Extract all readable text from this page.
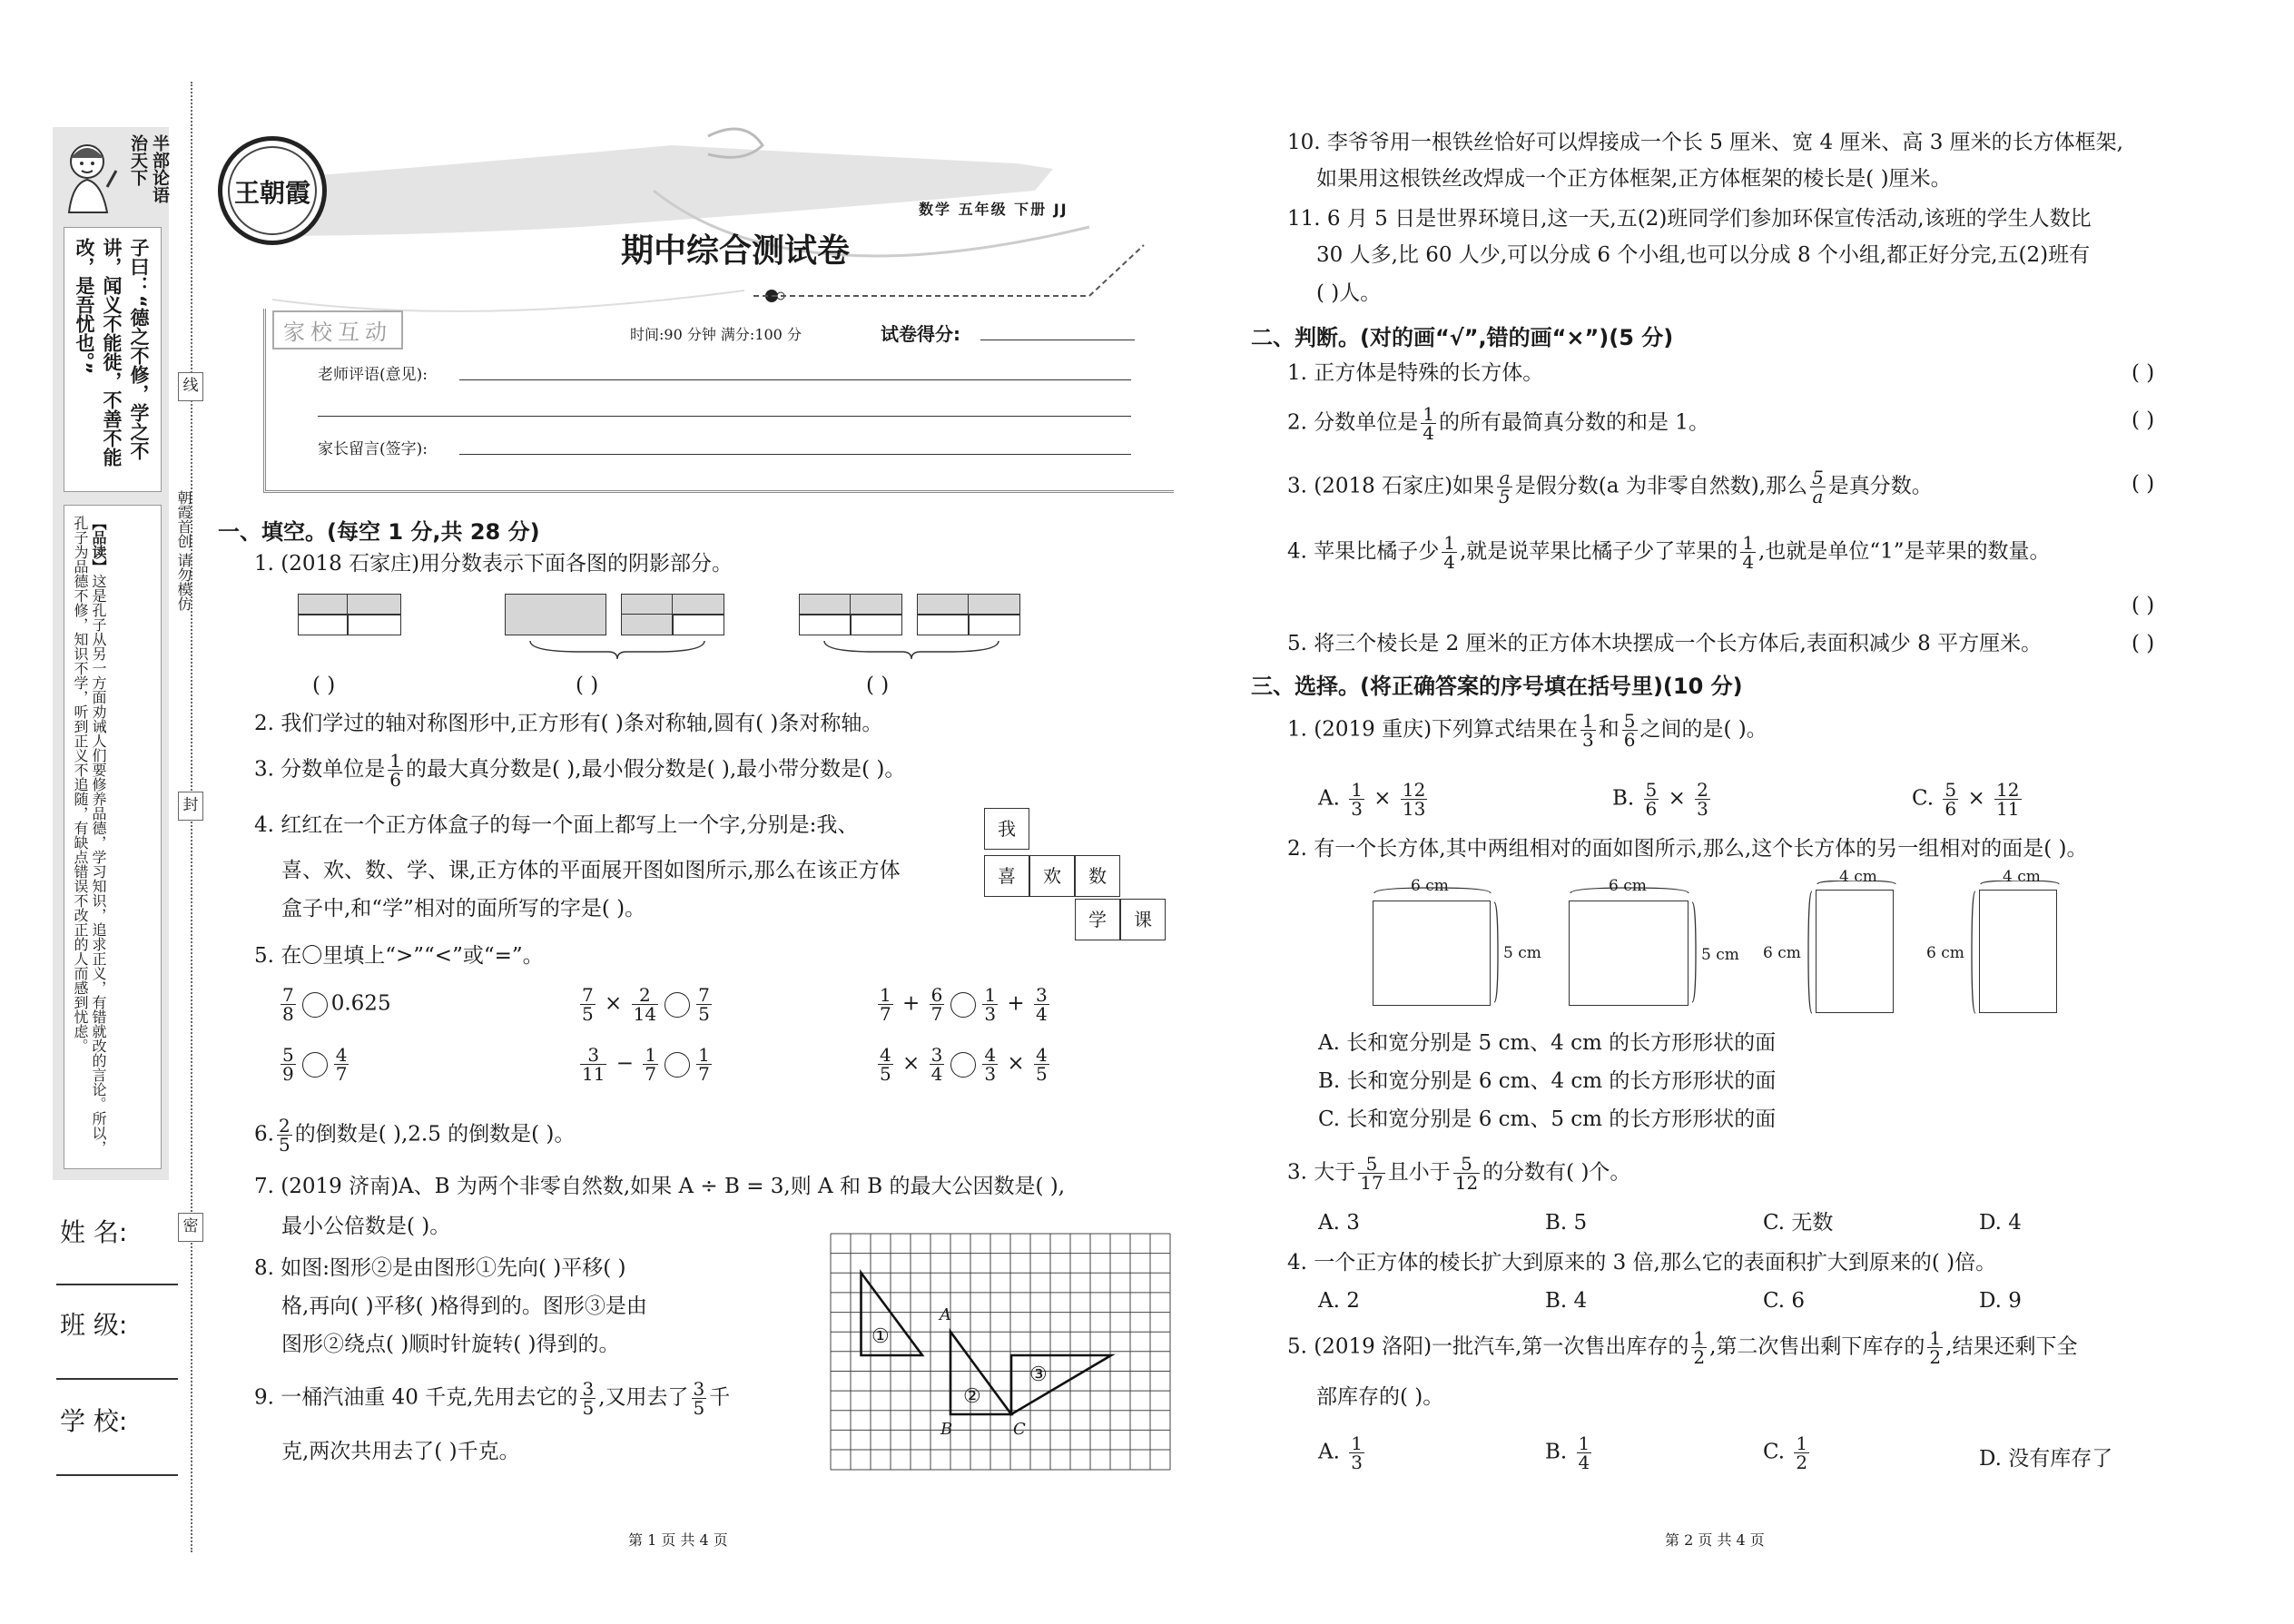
半部论语治天下
子曰：“德之不修，学之不讲，闻义不能徙，不善不能改，是吾忧也。”
【品读】这是孔子从另一方面劝诫人们要修养品德，学习知识，追求正义，有错就改的言论。所以，孔子为品德不修，知识不学，听到正义不追随，有缺点错误不改正的人而感到忧虑。	朝霞首创 请勿模仿
线
封
密
姓 名:
班 级:
学 校:
王朝霞
数学 五年级 下册 JJ
期中综合测试卷
家校互动	时间:90 分钟 满分:100 分	试卷得分:
老师评语(意见):
家长留言(签字):
一、填空。(每空 1 分,共 28 分)
1. (2018 石家庄)用分数表示下面各图的阴影部分。
( )	( )	( )
2. 我们学过的轴对称图形中,正方形有( )条对称轴,圆有( )条对称轴。
3. 分数单位是 $\frac{1}{6}$ 的最大真分数是( ),最小假分数是( ),最小带分数是( )。
4. 红红在一个正方体盒子的每一个面上都写上一个字,分别是:我、
喜、欢、数、学、课,正方体的平面展开图如图所示,那么在该正方体
盒子中,和“学”相对的面所写的字是( )。
我
喜	欢	数
学	课
5. 在〇里填上“>”“<”或“=”。
$\frac{7}{8} 0.625$	$\frac{7}{5} \times \frac{2}{14} \frac{7}{5}$	$\frac{1}{7} + \frac{6}{7} \frac{1}{3} + \frac{3}{4}$
$\frac{5}{9} \frac{4}{7}$	$\frac{3}{11} - \frac{1}{7} \frac{1}{7}$	$\frac{4}{5} \times \frac{3}{4} \frac{4}{3} \times \frac{4}{5}$
6. $\frac{2}{5}$ 的倒数是( ),2.5 的倒数是( )。
7. (2019 济南)A、B 为两个非零自然数,如果 A ÷ B = 3,则 A 和 B 的最大公因数是( ),
最小公倍数是( )。
8. 如图:图形②是由图形①先向( )平移( )
格,再向( )平移( )格得到的。图形③是由
图形②绕点( )顺时针旋转( )得到的。
9. 一桶汽油重 40 千克,先用去它的 $\frac{3}{5}$ ,又用去了 $\frac{3}{5}$ 千
克,两次共用去了( )千克。
①
②
③
A
B	C
第 1 页 共 4 页
10. 李爷爷用一根铁丝恰好可以焊接成一个长 5 厘米、宽 4 厘米、高 3 厘米的长方体框架,
如果用这根铁丝改焊成一个正方体框架,正方体框架的棱长是( )厘米。
11. 6 月 5 日是世界环境日,这一天,五(2)班同学们参加环保宣传活动,该班的学生人数比
30 人多,比 60 人少,可以分成 6 个小组,也可以分成 8 个小组,都正好分完,五(2)班有
( )人。
二、判断。(对的画“√”,错的画“×”)(5 分)
1. 正方体是特殊的长方体。	( )
2. 分数单位是 $\frac{1}{4}$ 的所有最简真分数的和是 1。	( )
3. (2018 石家庄)如果 $\frac{a}{5}$ 是假分数(a 为非零自然数),那么 $\frac{5}{a}$ 是真分数。	( )
4. 苹果比橘子少 $\frac{1}{4}$ ,就是说苹果比橘子少了苹果的 $\frac{1}{4}$ ,也就是单位“1”是苹果的数量。
( )
5. 将三个棱长是 2 厘米的正方体木块摆成一个长方体后,表面积减少 8 平方厘米。	( )
三、选择。(将正确答案的序号填在括号里)(10 分)
1. (2019 重庆)下列算式结果在 $\frac{1}{3}$ 和 $\frac{5}{6}$ 之间的是( )。
A. $\frac{1}{3} \times \frac{12}{13}$	B. $\frac{5}{6} \times \frac{2}{3}$	C. $\frac{5}{6} \times \frac{12}{11}$
2. 有一个长方体,其中两组相对的面如图所示,那么,这个长方体的另一组相对的面是( )。
6 cm
5 cm
6 cm
5 cm
4 cm
6 cm
4 cm
6 cm
A. 长和宽分别是 5 cm、4 cm 的长方形形状的面
B. 长和宽分别是 6 cm、4 cm 的长方形形状的面
C. 长和宽分别是 6 cm、5 cm 的长方形形状的面
3. 大于 $\frac{5}{17}$ 且小于 $\frac{5}{12}$ 的分数有( )个。
A. 3	B. 5	C. 无数	D. 4
4. 一个正方体的棱长扩大到原来的 3 倍,那么它的表面积扩大到原来的( )倍。
A. 2	B. 4	C. 6	D. 9
5. (2019 洛阳)一批汽车,第一次售出库存的 $\frac{1}{2}$ ,第二次售出剩下库存的 $\frac{1}{2}$ ,结果还剩下全
部库存的( )。
A. $\frac{1}{3}$	B. $\frac{1}{4}$	C. $\frac{1}{2}$	D. 没有库存了
第 2 页 共 4 页
